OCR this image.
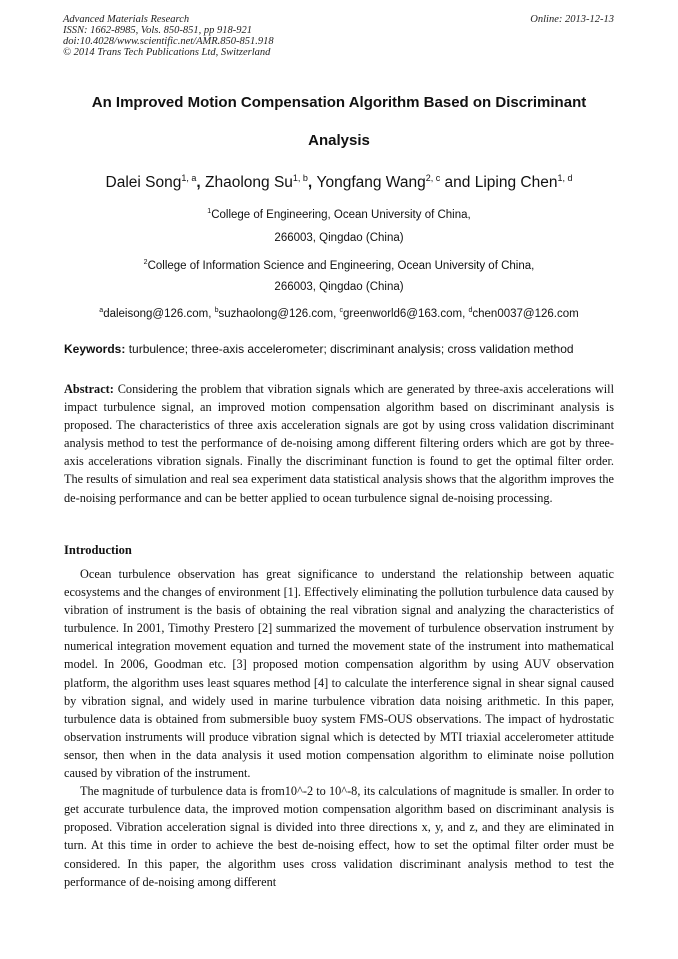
Advanced Materials Research
ISSN: 1662-8985, Vols. 850-851, pp 918-921
doi:10.4028/www.scientific.net/AMR.850-851.918
© 2014 Trans Tech Publications Ltd, Switzerland
Online: 2013-12-13
An Improved Motion Compensation Algorithm Based on Discriminant
Analysis
Dalei Song$^{1, a}$, Zhaolong Su$^{1, b}$, Yongfang Wang$^{2, c}$ and Liping Chen$^{1, d}$
$^1$College of Engineering, Ocean University of China,
266003, Qingdao (China)
$^2$College of Information Science and Engineering, Ocean University of China,
266003, Qingdao (China)
$^a$daleisong@126.com, $^b$suzhaolong@126.com, $^c$greenworld6@163.com, $^d$chen0037@126.com
Keywords: turbulence; three-axis accelerometer; discriminant analysis; cross validation method
Abstract: Considering the problem that vibration signals which are generated by three-axis accelerations will impact turbulence signal, an improved motion compensation algorithm based on discriminant analysis is proposed. The characteristics of three axis acceleration signals are got by using cross validation discriminant analysis method to test the performance of de-noising among different filtering orders which are got by three-axis accelerations vibration signals. Finally the discriminant function is found to get the optimal filter order. The results of simulation and real sea experiment data statistical analysis shows that the algorithm improves the de-noising performance and can be better applied to ocean turbulence signal de-noising processing.
Introduction

Ocean turbulence observation has great significance to understand the relationship between aquatic ecosystems and the changes of environment [1]. Effectively eliminating the pollution turbulence data caused by vibration of instrument is the basis of obtaining the real vibration signal and analyzing the characteristics of turbulence. In 2001, Timothy Prestero [2] summarized the movement of turbulence observation instrument by numerical integration movement equation and turned the movement state of the instrument into mathematical model. In 2006, Goodman etc. [3] proposed motion compensation algorithm by using AUV observation platform, the algorithm uses least squares method [4] to calculate the interference signal in shear signal caused by vibration signal, and widely used in marine turbulence vibration data noising arithmetic. In this paper, turbulence data is obtained from submersible buoy system FMS-OUS observations. The impact of hydrostatic observation instruments will produce vibration signal which is detected by MTI triaxial accelerometer attitude sensor, then when in the data analysis it used motion compensation algorithm to eliminate noise pollution caused by vibration of the instrument.

The magnitude of turbulence data is from10^-2 to 10^-8, its calculations of magnitude is smaller. In order to get accurate turbulence data, the improved motion compensation algorithm based on discriminant analysis is proposed. Vibration acceleration signal is divided into three directions x, y, and z, and they are eliminated in turn. At this time in order to achieve the best de-noising effect, how to set the optimal filter order must be considered. In this paper, the algorithm uses cross validation discriminant analysis method to test the performance of de-noising among different
